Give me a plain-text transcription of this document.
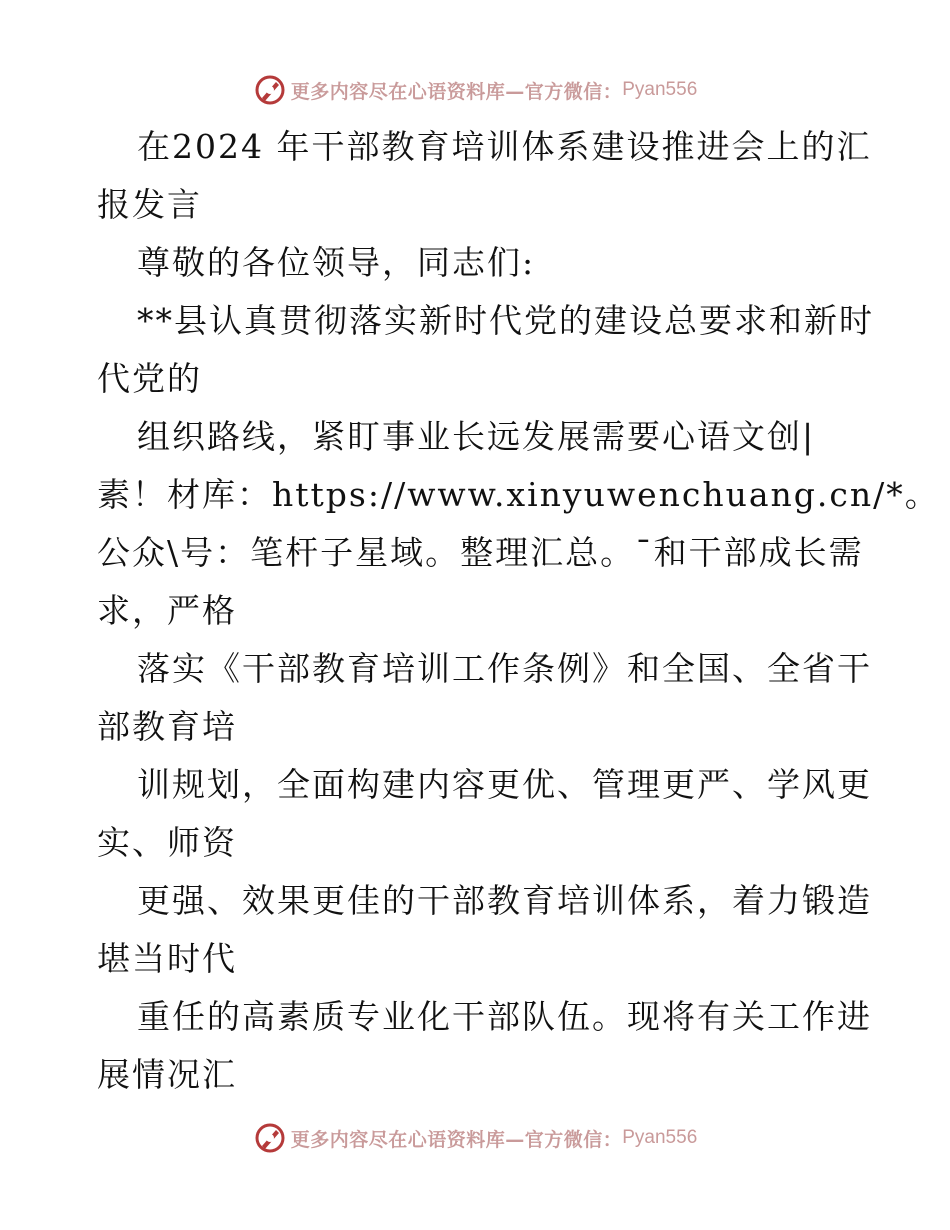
更多内容尽在心语资料库—官方微信： Pyan556
在2024 年干部教育培训体系建设推进会上的汇
报发言
尊敬的各位领导，同志们:
**县认真贯彻落实新时代党的建设总要求和新时
代党的
组织路线，紧盯事业长远发展需要心语文创|
素！材库：https://www.xinyuwenchuang.cn/*。
公众\号：笔杆子星域。整理汇总。¯和干部成长需
求，严格
落实《干部教育培训工作条例》和全国、全省干
部教育培
训规划，全面构建内容更优、管理更严、学风更
实、师资
更强、效果更佳的干部教育培训体系，着力锻造
堪当时代
重任的高素质专业化干部队伍。现将有关工作进
展情况汇
更多内容尽在心语资料库—官方微信： Pyan556
